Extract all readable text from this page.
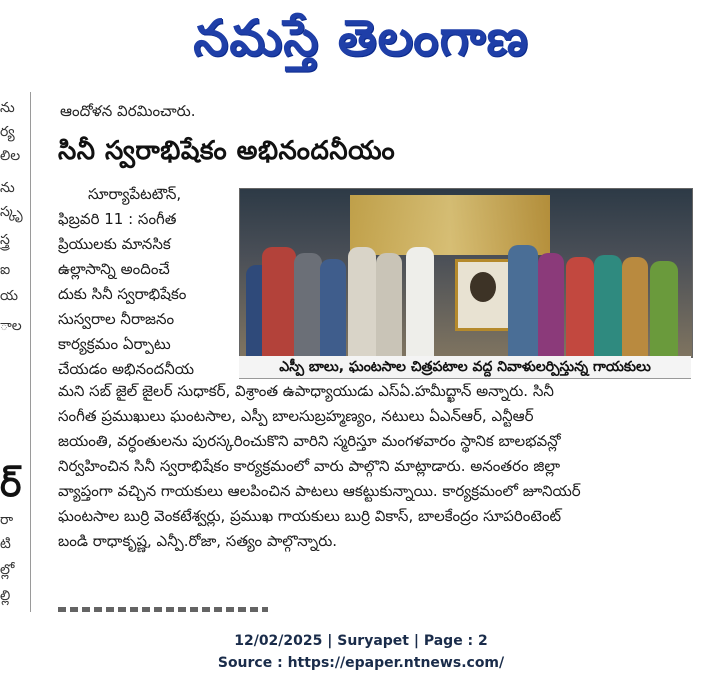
నమస్తే తెలంగాణ
ను
ర్య
లిల
ను
స్కృ
స్త్ర
ఐ
య
ాల
ర్
రా
టి
ల్లో
ల్లి
ఆందోళన విరమించారు.
సినీ స్వరాభిషేకం అభినందనీయం
సూర్యాపేటటౌన్,
ఫిబ్రవరి 11 : సంగీత
ప్రియులకు మానసిక
ఉల్లాసాన్ని అందించే
దుకు సినీ స్వరాభిషేకం
సుస్వరాల నీరాజనం
కార్యక్రమం ఏర్పాటు
చేయడం అభినందనీయ	ఎస్పీ బాలు, ఘంటసాల చిత్రపటాల వద్ద నివాళులర్పిస్తున్న గాయకులు
మని సబ్ జైల్ జైలర్ సుధాకర్, విశ్రాంత ఉపాధ్యాయుడు ఎస్ఏ.హమీద్ఖాన్ అన్నారు. సినీ
సంగీత ప్రముఖులు ఘంటసాల, ఎస్పీ బాలసుబ్రహ్మణ్యం, నటులు ఏఎన్ఆర్, ఎన్టీఆర్
జయంతి, వర్ధంతులను పురస్కరించుకొని వారిని స్మరిస్తూ మంగళవారం స్థానిక బాలభవన్లో
నిర్వహించిన సినీ స్వరాభిషేకం కార్యక్రమంలో వారు పాల్గొని మాట్లాడారు. అనంతరం జిల్లా
వ్యాప్తంగా వచ్చిన గాయకులు ఆలపించిన పాటలు ఆకట్టుకున్నాయి. కార్యక్రమంలో జూనియర్
ఘంటసాల బుర్రి వెంకటేశ్వర్లు, ప్రముఖ గాయకులు బుర్రి వికాస్, బాలకేంద్రం సూపరింటెంట్
బండి రాధాకృష్ణ, ఎన్పీ.రోజా, సత్యం పాల్గొన్నారు.
12/02/2025 | Suryapet | Page : 2
Source : https://epaper.ntnews.com/
